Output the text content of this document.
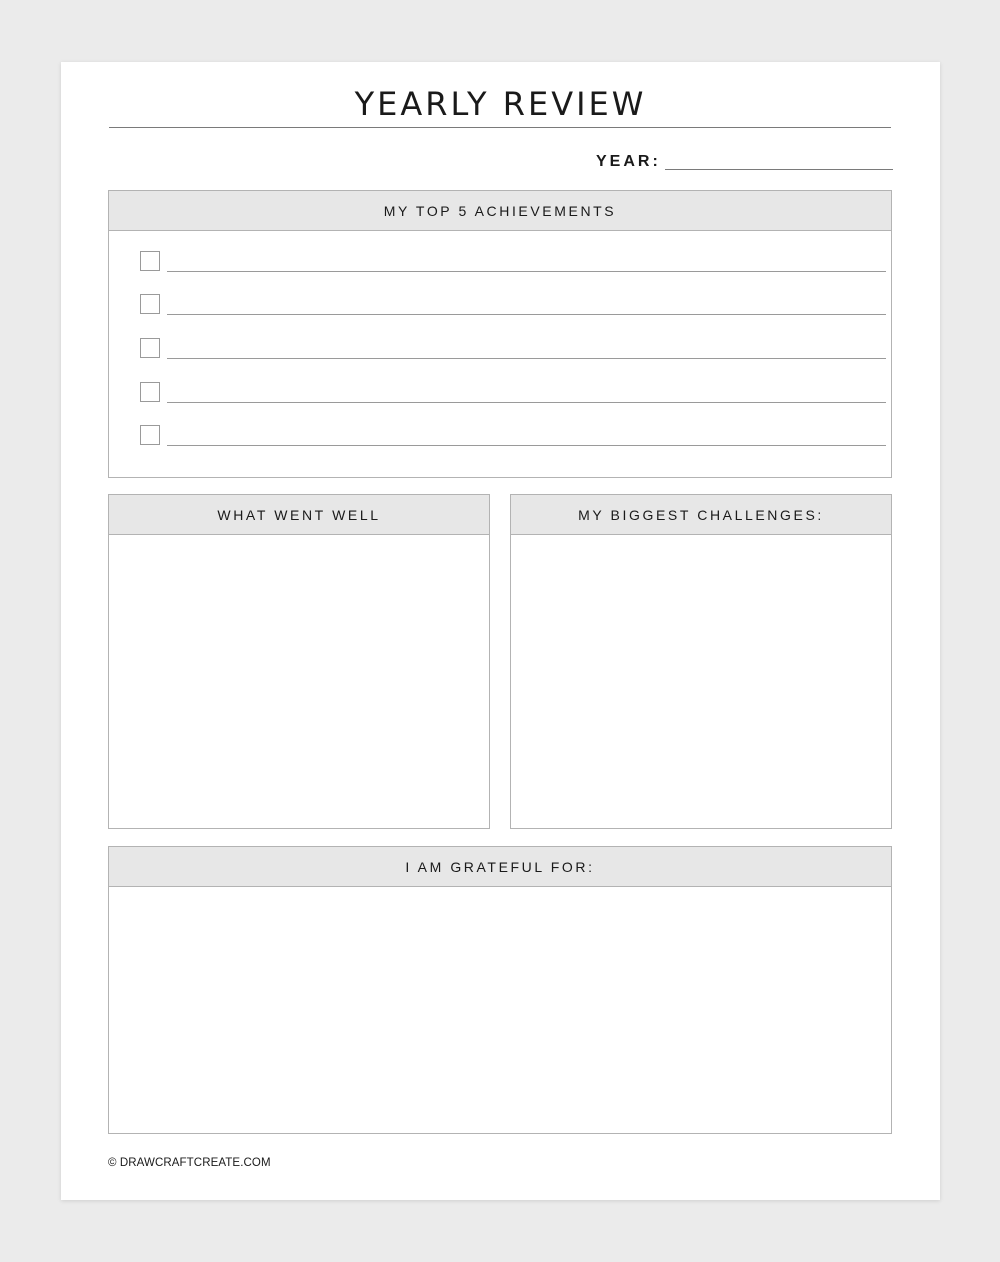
YEARLY REVIEW
YEAR:
MY TOP 5 ACHIEVEMENTS
WHAT WENT WELL	MY BIGGEST CHALLENGES:
I AM GRATEFUL FOR:
© DRAWCRAFTCREATE.COM
